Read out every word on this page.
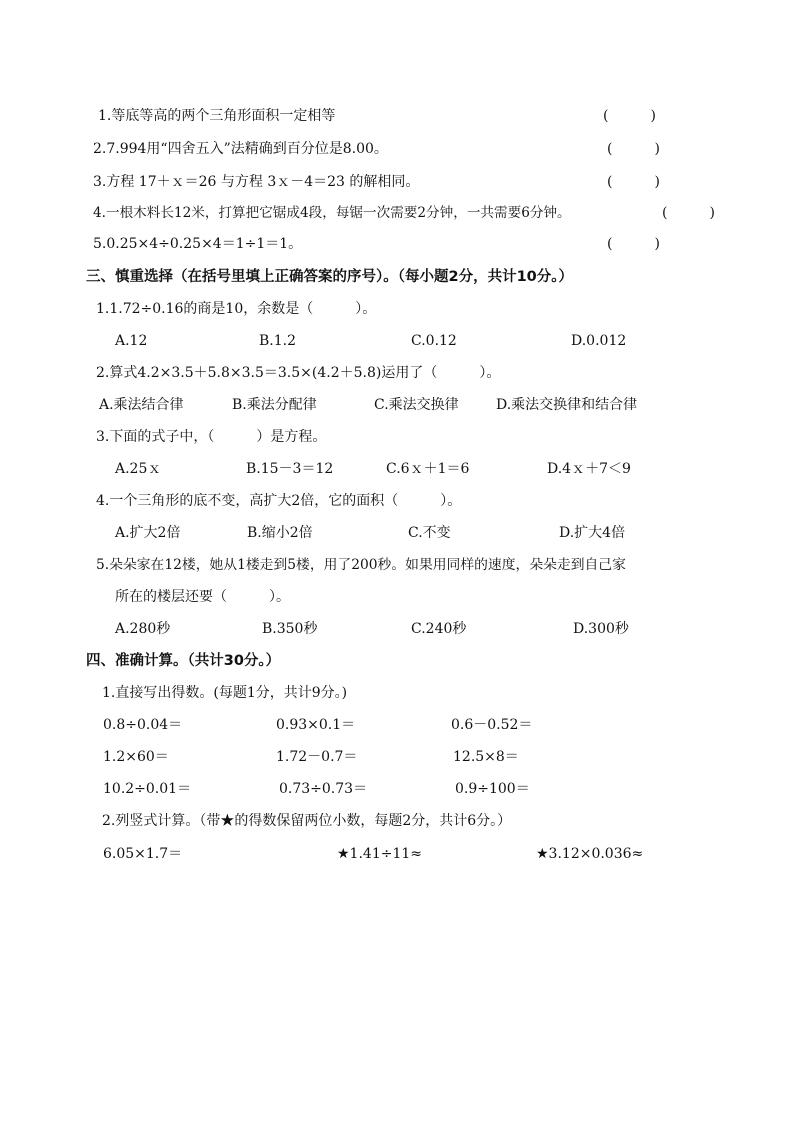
1.等底等高的两个三角形面积一定相等	(　　　)
2.7.994用“四舍五入”法精确到百分位是8.00。	(　　　)
3.方程 17＋ｘ＝26 与方程 3ｘ－4＝23 的解相同。	(　　　)
4.一根木料长12米，打算把它锯成4段，每锯一次需要2分钟，一共需要6分钟。	(　　　)
5.0.25×4÷0.25×4＝1÷1＝1。	(　　　)
三、慎重选择（在括号里填上正确答案的序号）。（每小题2分，共计10分。）
1.1.72÷0.16的商是10，余数是（　　　）。
A.12	B.1.2	C.0.12	D.0.012
2.算式4.2×3.5＋5.8×3.5＝3.5×(4.2＋5.8)运用了（　　　）。
A.乘法结合律	B.乘法分配律	C.乘法交换律	D.乘法交换律和结合律
3.下面的式子中，（　　　）是方程。
A.25ｘ	B.15－3＝12	C.6ｘ＋1＝6	D.4ｘ＋7＜9
4.一个三角形的底不变，高扩大2倍，它的面积（　　　）。
A.扩大2倍	B.缩小2倍	C.不变	D.扩大4倍
5.朵朵家在12楼，她从1楼走到5楼，用了200秒。如果用同样的速度，朵朵走到自己家
所在的楼层还要（　　　）。
A.280秒	B.350秒	C.240秒	D.300秒
四、准确计算。（共计30分。）
1.直接写出得数。(每题1分，共计9分。)
0.8÷0.04＝	0.93×0.1＝	0.6－0.52＝
1.2×60＝	1.72－0.7＝	12.5×8＝
10.2÷0.01＝	0.73÷0.73＝	0.9÷100＝
2.列竖式计算。（带★的得数保留两位小数，每题2分，共计6分。）
6.05×1.7＝	★1.41÷11≈	★3.12×0.036≈
